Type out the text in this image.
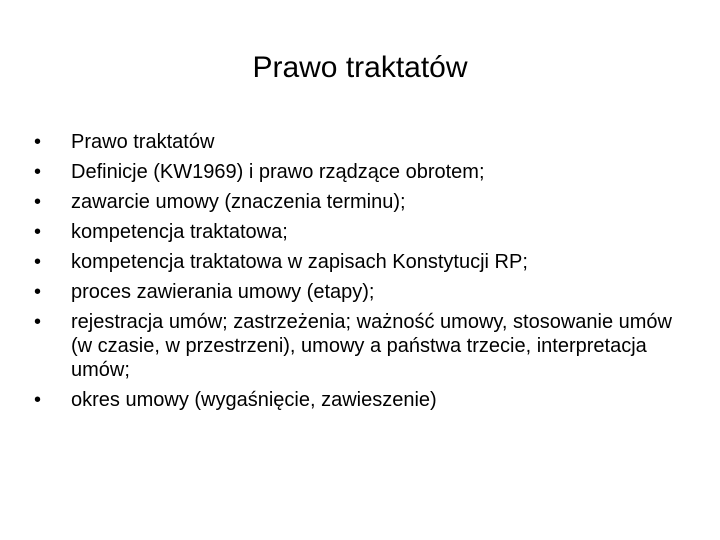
Prawo traktatów
•	Prawo traktatów
•	Definicje (KW1969) i prawo rządzące obrotem;
•	zawarcie umowy (znaczenia terminu);
•	kompetencja traktatowa;
•	kompetencja traktatowa w zapisach Konstytucji RP;
•	proces zawierania umowy (etapy);
•	rejestracja umów; zastrzeżenia; ważność umowy, stosowanie umów (w czasie, w przestrzeni), umowy a państwa trzecie, interpretacja umów;
•	okres umowy (wygaśnięcie, zawieszenie)
